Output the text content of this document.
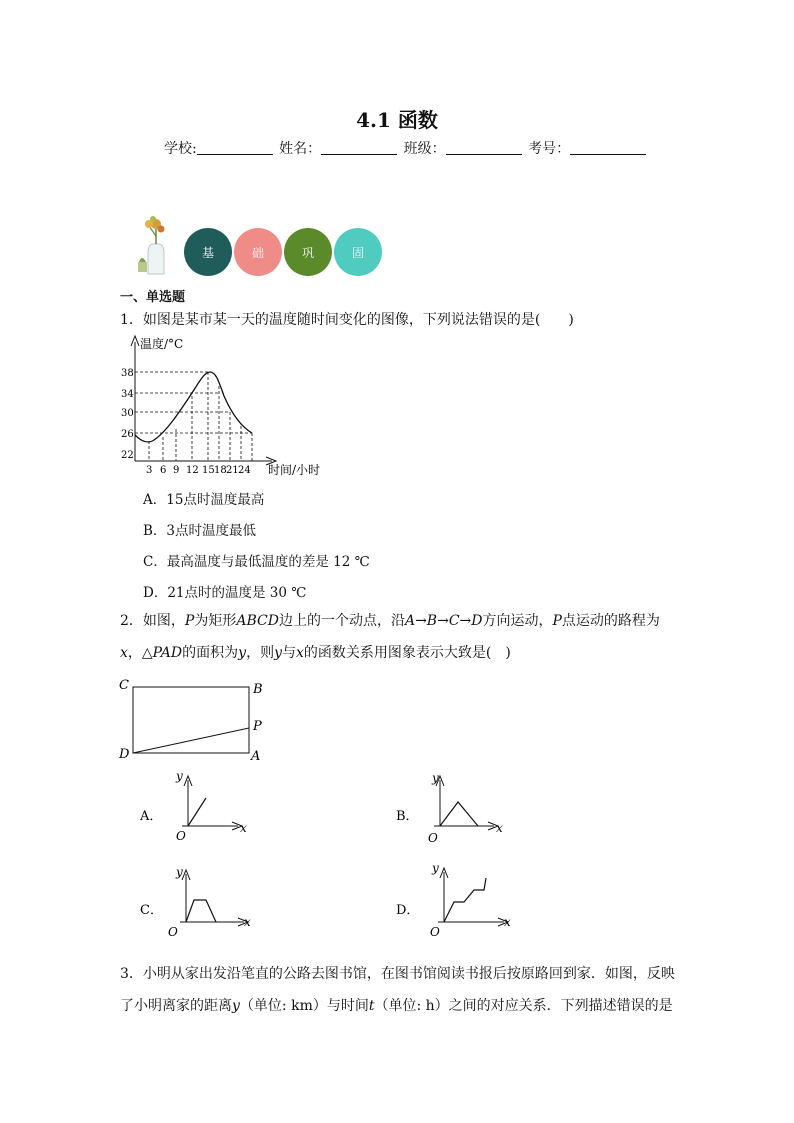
4.1 函数
学校:	姓名：	班级：	考号：
基	础	巩	固
一、单选题
1．如图是某市某一天的温度随时间变化的图像，下列说法错误的是(　　)
22
26
30
34
38
3 6 9 12 15 18 21 24
温度/°C
时间/小时
A．15点时温度最高
B．3点时温度最低
C．最高温度与最低温度的差是 12 ℃
D．21点时的温度是 30 ℃
2．如图，P为矩形ABCD边上的一个动点，沿A→B→C→D方向运动，P点运动的路程为
x，△PAD的面积为y，则y与x的函数关系用图象表示大致是(　)
C	B
P
D	A
A．
y
x
O
B．
y
x
O
C．
y
x
O
D．
y
x
O
3．小明从家出发沿笔直的公路去图书馆，在图书馆阅读书报后按原路回到家．如图，反映
了小明离家的距离y（单位: km）与时间t（单位: h）之间的对应关系．下列描述错误的是
